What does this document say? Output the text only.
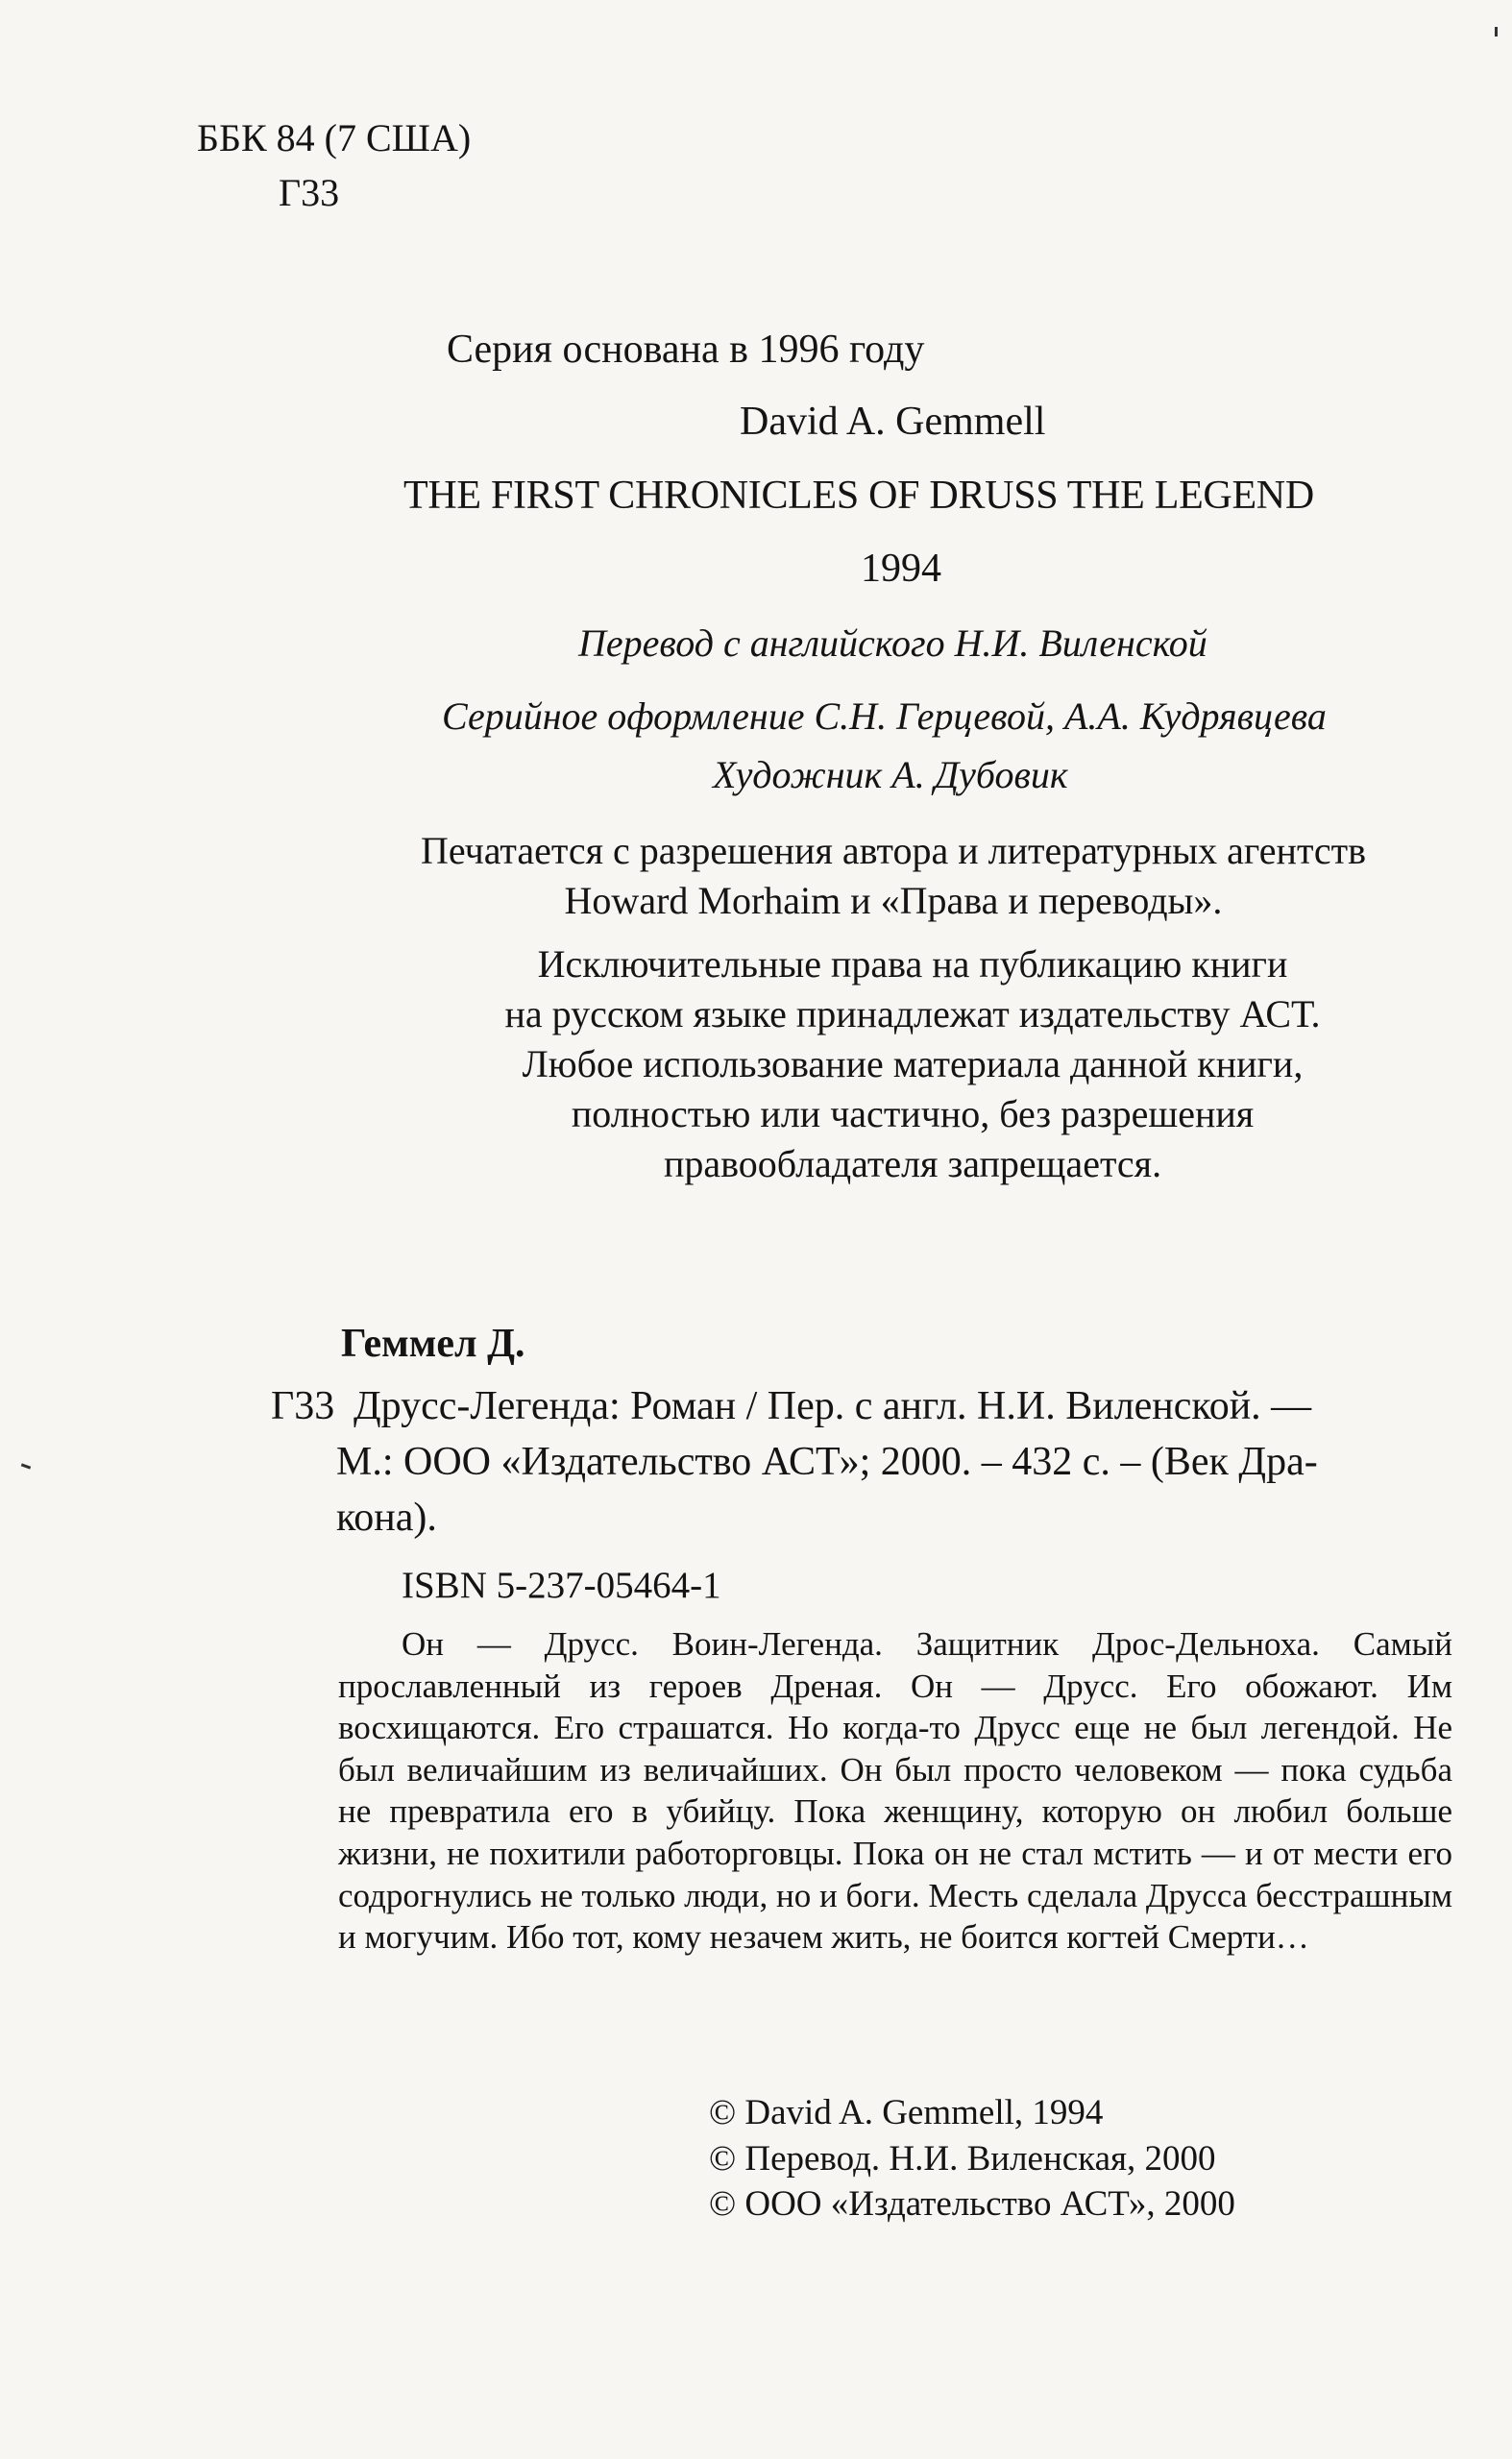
ББК 84 (7 США)
Г33
Серия основана в 1996 году
David A. Gemmell
THE FIRST CHRONICLES OF DRUSS THE LEGEND
1994
Перевод с английского Н.И. Виленской
Серийное оформление С.Н. Герцевой, А.А. Кудрявцева
Художник А. Дубовик
Печатается с разрешения автора и литературных агентств
Howard Morhaim и «Права и переводы».
Исключительные права на публикацию книги
на русском языке принадлежат издательству АСТ.
Любое использование материала данной книги,
полностью или частично, без разрешения
правообладателя запрещается.
Геммел Д.
Г33 Друсс-Легенда: Роман / Пер. с англ. Н.И. Виленской. —
М.: ООО «Издательство АСТ»; 2000. – 432 с. – (Век Дра-
кона).
ISBN 5-237-05464-1
Он — Друсс. Воин-Легенда. Защитник Дрос-Дельноха. Самый прославленный из героев Дреная. Он — Друсс. Его обожают. Им восхищаются. Его страшатся. Но когда-то Друсс еще не был легендой. Не был величайшим из величайших. Он был просто человеком — пока судьба не превратила его в убийцу. Пока женщину, которую он любил больше жизни, не похитили работорговцы. Пока он не стал мстить — и от мести его содрогнулись не только люди, но и боги. Месть сделала Друсса бесстрашным и могучим. Ибо тот, кому незачем жить, не боится когтей Смерти…
© David A. Gemmell, 1994
© Перевод. Н.И. Виленская, 2000
© ООО «Издательство АСТ», 2000
